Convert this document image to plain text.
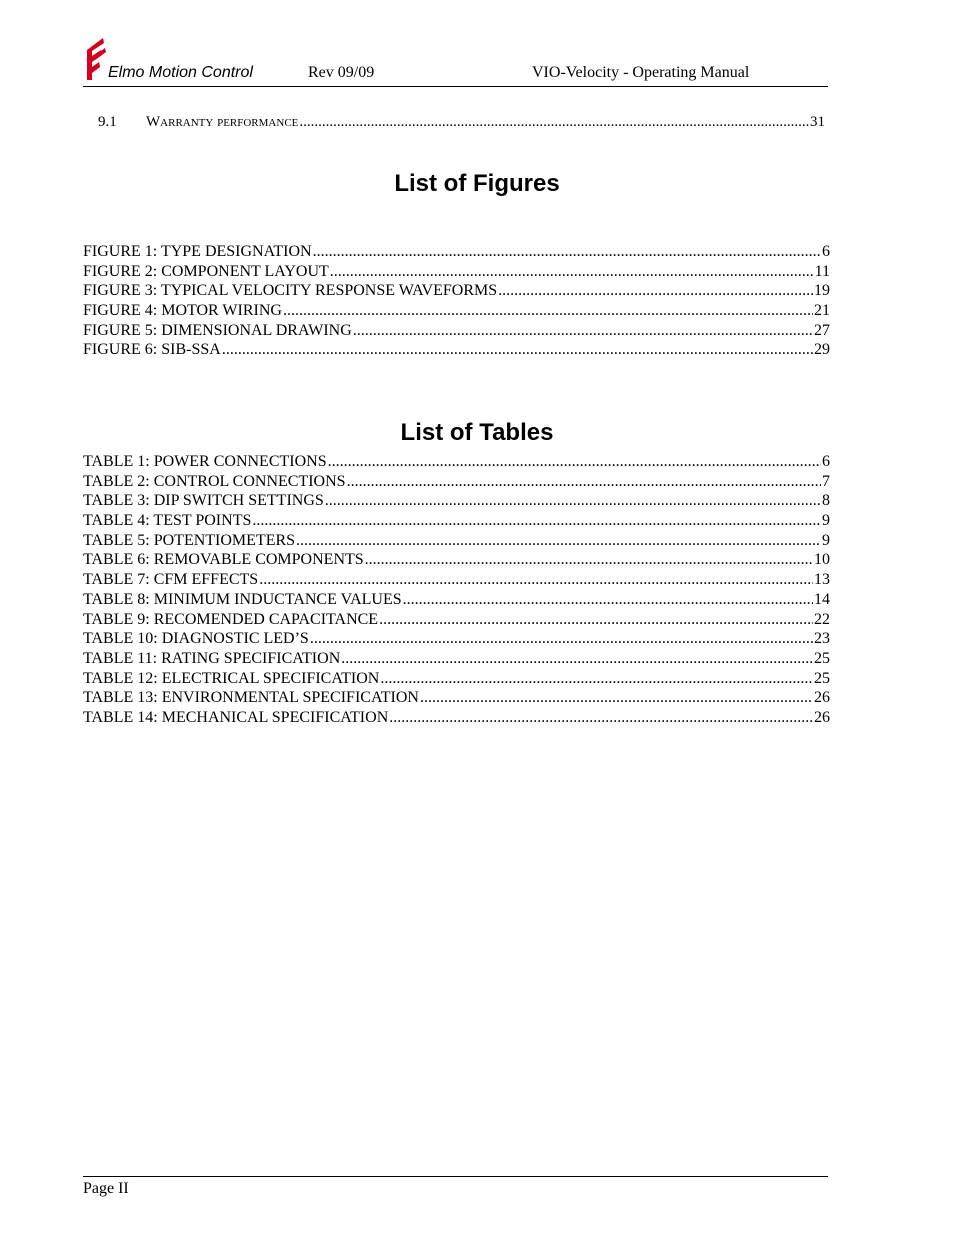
Elmo Motion Control	Rev 09/09	VIO-Velocity - Operating Manual
9.1 Warranty performance .....	31
List of Figures
FIGURE 1: TYPE DESIGNATION .....	6
FIGURE 2: COMPONENT LAYOUT .....	11
FIGURE 3: TYPICAL VELOCITY RESPONSE WAVEFORMS .....	19
FIGURE 4: MOTOR WIRING .....	21
FIGURE 5: DIMENSIONAL DRAWING .....	27
FIGURE 6: SIB-SSA .....	29
List of Tables
TABLE 1: POWER CONNECTIONS .....	6
TABLE 2: CONTROL CONNECTIONS .....	7
TABLE 3: DIP SWITCH SETTINGS .....	8
TABLE 4: TEST POINTS .....	9
TABLE 5: POTENTIOMETERS .....	9
TABLE 6: REMOVABLE COMPONENTS .....	10
TABLE 7: CFM EFFECTS .....	13
TABLE 8: MINIMUM INDUCTANCE VALUES .....	14
TABLE 9: RECOMENDED CAPACITANCE .....	22
TABLE 10: DIAGNOSTIC LED’S .....	23
TABLE 11: RATING SPECIFICATION .....	25
TABLE 12: ELECTRICAL SPECIFICATION .....	25
TABLE 13: ENVIRONMENTAL SPECIFICATION .....	26
TABLE 14: MECHANICAL SPECIFICATION .....	26
Page II
